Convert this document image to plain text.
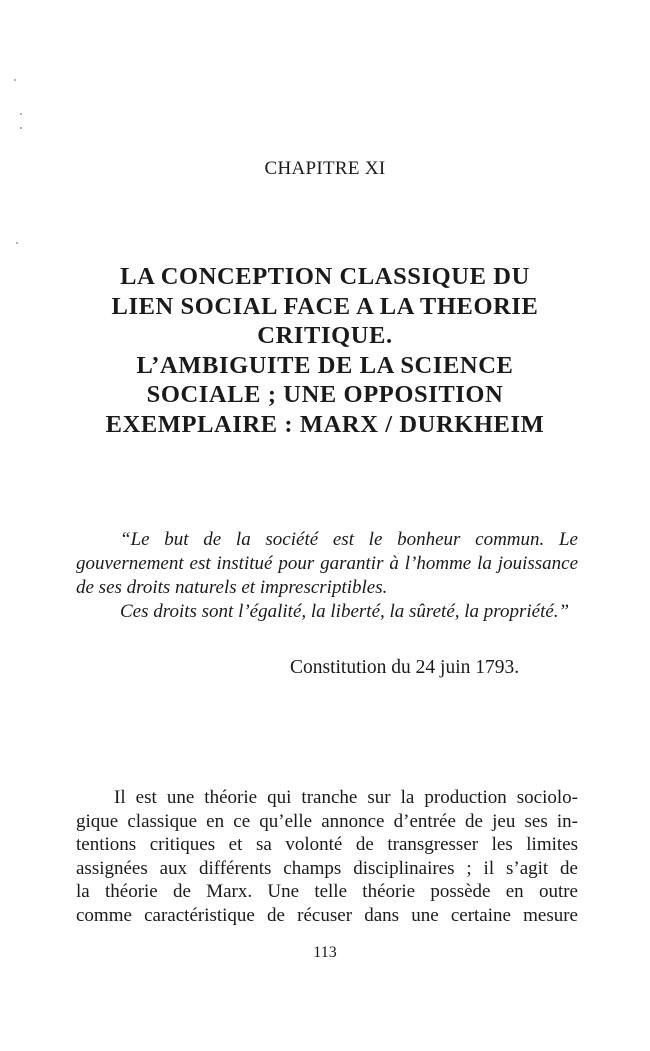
CHAPITRE XI
LA CONCEPTION CLASSIQUE DU
LIEN SOCIAL FACE A LA THEORIE
CRITIQUE.
L’AMBIGUITE DE LA SCIENCE
SOCIALE ; UNE OPPOSITION
EXEMPLAIRE : MARX / DURKHEIM

“Le but de la société est le bonheur commun. Le gouvernement est institué pour garantir à l’homme la jouissance de ses droits naturels et imprescriptibles.

Ces droits sont l’égalité, la liberté, la sûreté, la propriété.”

Constitution du 24 juin 1793.
Il est une théorie qui tranche sur la production sociolo-
gique classique en ce qu’elle annonce d’entrée de jeu ses in-
tentions critiques et sa volonté de transgresser les limites
assignées aux différents champs disciplinaires ; il s’agit de
la théorie de Marx. Une telle théorie possède en outre
comme caractéristique de récuser dans une certaine mesure
113
